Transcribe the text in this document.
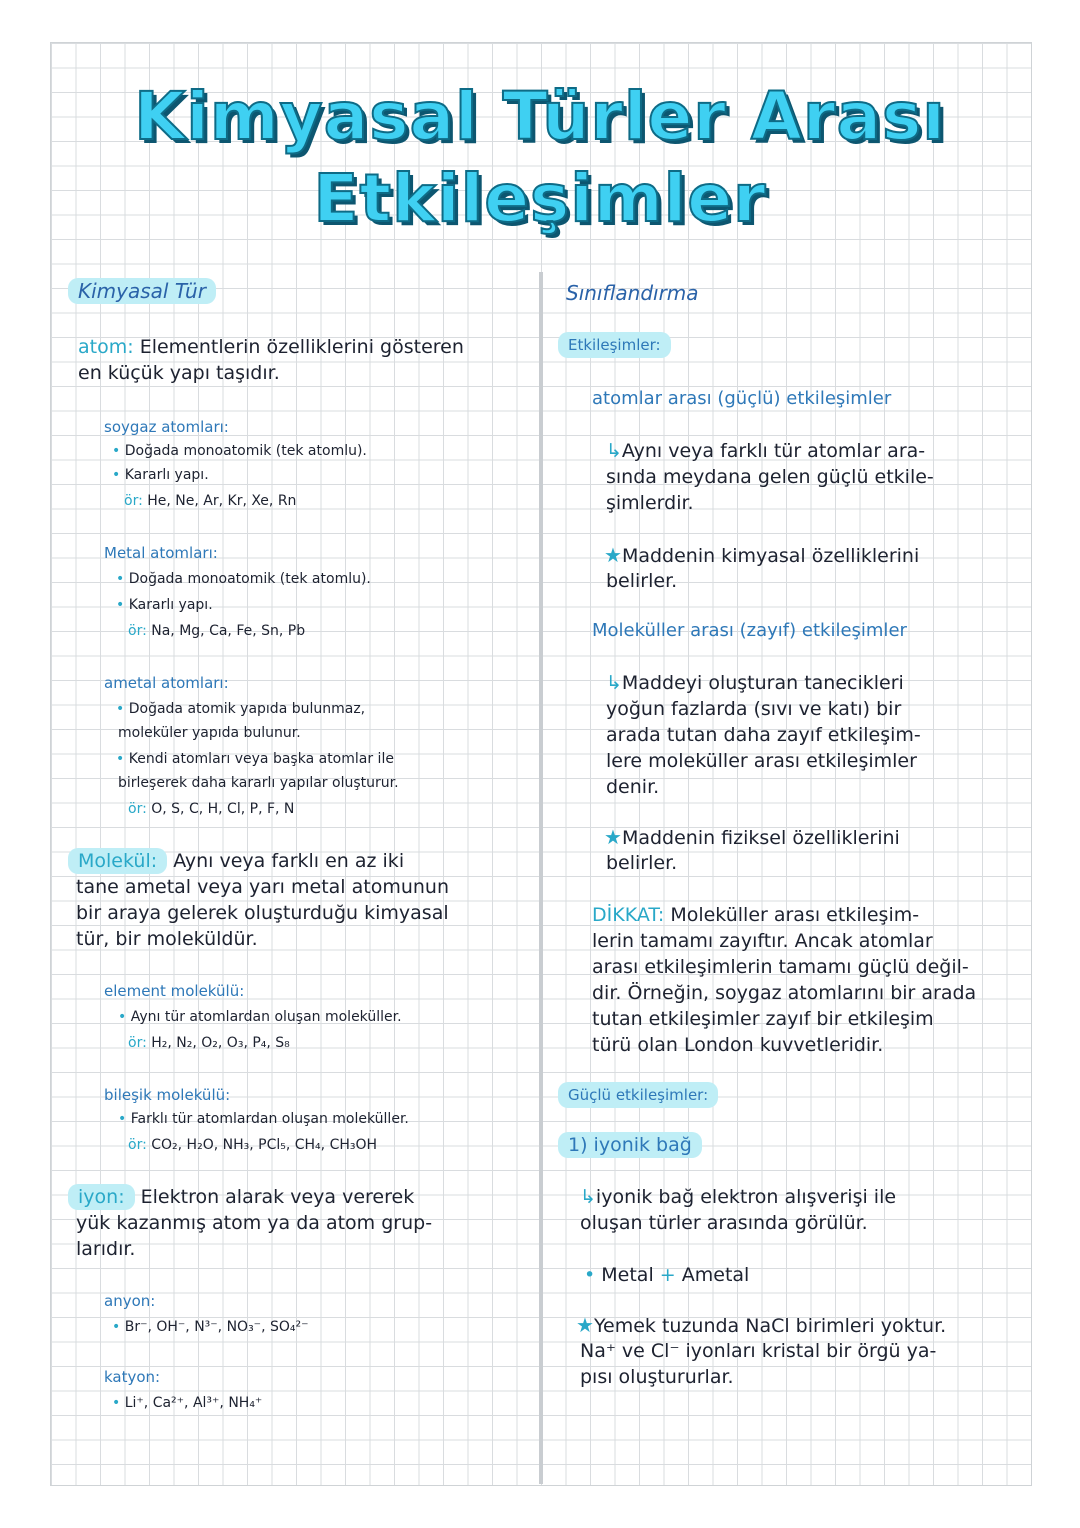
Kimyasal Türler Arası
Etkileşimler
Kimyasal Tür
atom: Elementlerin özelliklerini gösteren
en küçük yapı taşıdır.
soygaz atomları:
• Doğada monoatomik (tek atomlu).
• Kararlı yapı.
ör: He, Ne, Ar, Kr, Xe, Rn
Metal atomları:
• Doğada monoatomik (tek atomlu).
• Kararlı yapı.
ör: Na, Mg, Ca, Fe, Sn, Pb
ametal atomları:
• Doğada atomik yapıda bulunmaz,
moleküler yapıda bulunur.
• Kendi atomları veya başka atomlar ile
birleşerek daha kararlı yapılar oluşturur.
ör: O, S, C, H, Cl, P, F, N
Molekül: Aynı veya farklı en az iki
tane ametal veya yarı metal atomunun
bir araya gelerek oluşturduğu kimyasal
tür, bir moleküldür.
element molekülü:
• Aynı tür atomlardan oluşan moleküller.
ör: H₂, N₂, O₂, O₃, P₄, S₈
bileşik molekülü:
• Farklı tür atomlardan oluşan moleküller.
ör: CO₂, H₂O, NH₃, PCl₅, CH₄, CH₃OH
iyon: Elektron alarak veya vererek
yük kazanmış atom ya da atom grup-
larıdır.
anyon:
• Br⁻, OH⁻, N³⁻, NO₃⁻, SO₄²⁻
katyon:
• Li⁺, Ca²⁺, Al³⁺, NH₄⁺
Sınıflandırma
Etkileşimler:
atomlar arası (güçlü) etkileşimler
↳Aynı veya farklı tür atomlar ara-
sında meydana gelen güçlü etkile-
şimlerdir.
★Maddenin kimyasal özelliklerini
belirler.
Moleküller arası (zayıf) etkileşimler
↳Maddeyi oluşturan tanecikleri
yoğun fazlarda (sıvı ve katı) bir
arada tutan daha zayıf etkileşim-
lere moleküller arası etkileşimler
denir.
★Maddenin fiziksel özelliklerini
belirler.
DİKKAT: Moleküller arası etkileşim-
lerin tamamı zayıftır. Ancak atomlar
arası etkileşimlerin tamamı güçlü değil-
dir. Örneğin, soygaz atomlarını bir arada
tutan etkileşimler zayıf bir etkileşim
türü olan London kuvvetleridir.
Güçlü etkileşimler:
1) iyonik bağ
↳iyonik bağ elektron alışverişi ile
oluşan türler arasında görülür.
• Metal + Ametal
★Yemek tuzunda NaCl birimleri yoktur.
Na⁺ ve Cl⁻ iyonları kristal bir örgü ya-
pısı oluştururlar.
